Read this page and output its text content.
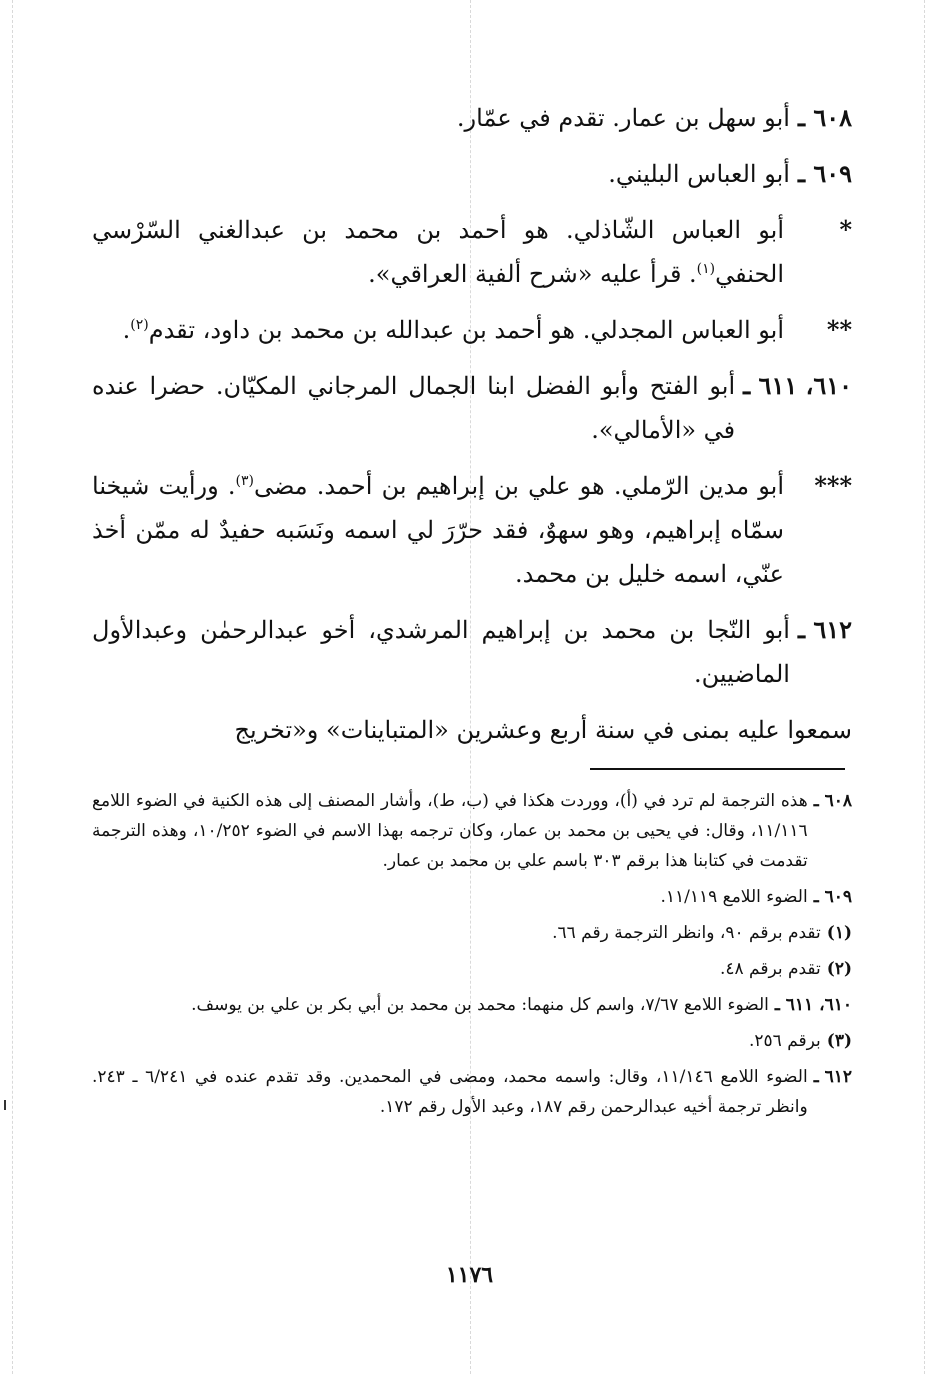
٦٠٨ ـ
أبو سهل بن عمار. تقدم في عمّار.
٦٠٩ ـ
أبو العباس البليني.
*
أبو العباس الشّاذلي. هو أحمد بن محمد بن عبدالغني السّرْسي الحنفي$^{(١)}$. قرأ عليه «شرح ألفية العراقي».
**
أبو العباس المجدلي. هو أحمد بن عبدالله بن محمد بن داود، تقدم$^{(٢)}$.
٦١٠، ٦١١ ـ
أبو الفتح وأبو الفضل ابنا الجمال المرجاني المكيّان. حضرا عنده في «الأمالي».
***
أبو مدين الرّملي. هو علي بن إبراهيم بن أحمد. مضى$^{(٣)}$. ورأيت شيخنا سمّاه إبراهيم، وهو سهوٌ، فقد حرّرَ لي اسمه ونَسَبه حفيدٌ له ممّن أخذ عنّي، اسمه خليل بن محمد.
٦١٢ ـ
أبو النّجا بن محمد بن إبراهيم المرشدي، أخو عبدالرحمٰن وعبدالأول الماضيين.
سمعوا عليه بمنى في سنة أربع وعشرين «المتباينات» و«تخريج
٦٠٨ ـ
هذه الترجمة لم ترد في (أ)، ووردت هكذا في (ب، ط)، وأشار المصنف إلى هذه الكنية في الضوء اللامع ١١/١١٦، وقال: في يحيى بن محمد بن عمار، وكان ترجمه بهذا الاسم في الضوء ١٠/٢٥٢، وهذه الترجمة تقدمت في كتابنا هذا برقم ٣٠٣ باسم علي بن محمد بن عمار.
٦٠٩ ـ
الضوء اللامع ١١/١١٩.
(١)
تقدم برقم ٩٠، وانظر الترجمة رقم ٦٦.
(٢)
تقدم برقم ٤٨.
٦١٠، ٦١١ ـ
الضوء اللامع ٧/٦٧، واسم كل منهما: محمد بن محمد بن أبي بكر بن علي بن يوسف.
(٣)
برقم ٢٥٦.
٦١٢ ـ
الضوء اللامع ١١/١٤٦، وقال: واسمه محمد، ومضى في المحمدين. وقد تقدم عنده في ٦/٢٤١ ـ ٢٤٣. وانظر ترجمة أخيه عبدالرحمن رقم ١٨٧، وعبد الأول رقم ١٧٢.
١١٧٦
